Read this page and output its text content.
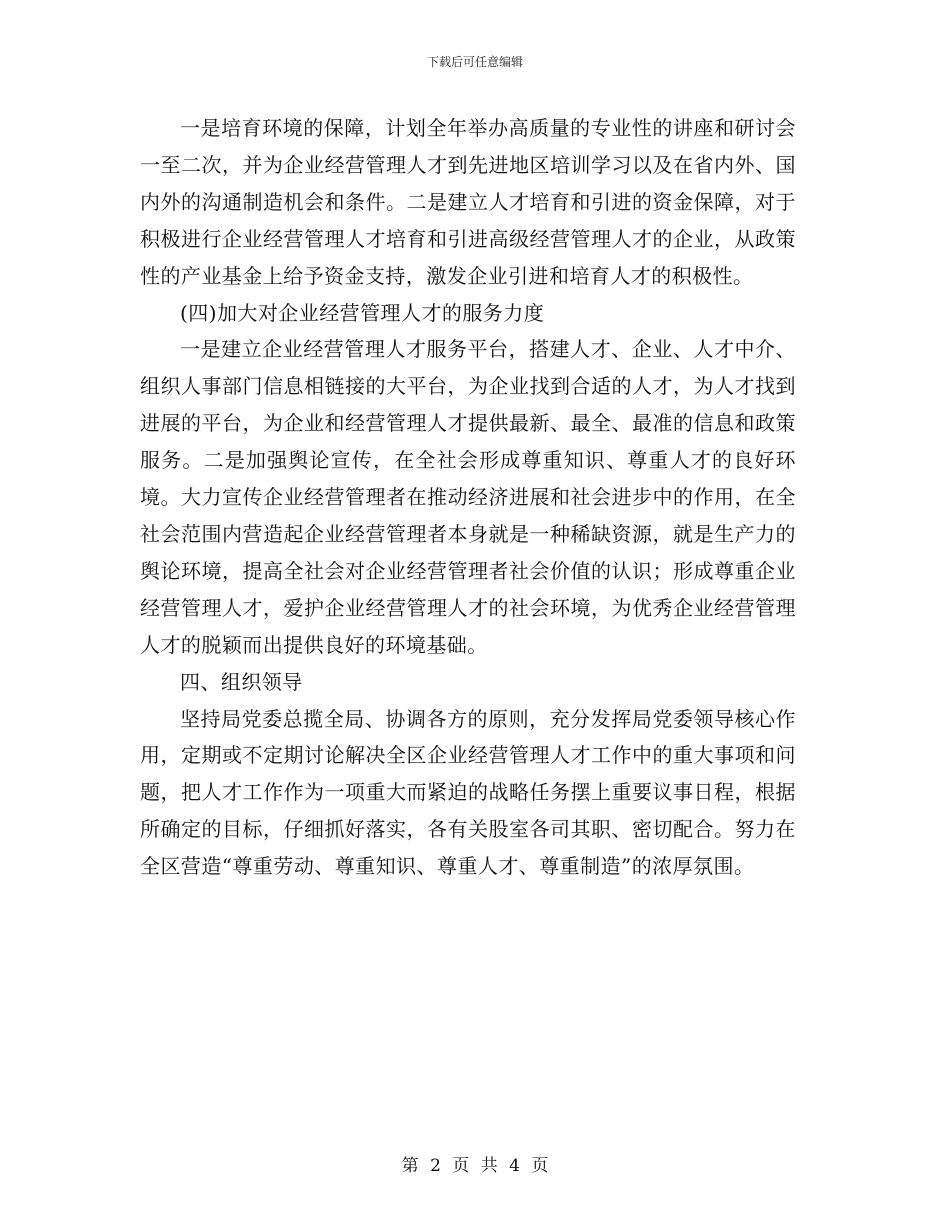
下载后可任意编辑

一是培育环境的保障，计划全年举办高质量的专业性的讲座和研讨会一至二次，并为企业经营管理人才到先进地区培训学习以及在省内外、国内外的沟通制造机会和条件。二是建立人才培育和引进的资金保障，对于积极进行企业经营管理人才培育和引进高级经营管理人才的企业，从政策性的产业基金上给予资金支持，激发企业引进和培育人才的积极性。

(四)加大对企业经营管理人才的服务力度

一是建立企业经营管理人才服务平台，搭建人才、企业、人才中介、组织人事部门信息相链接的大平台，为企业找到合适的人才，为人才找到进展的平台，为企业和经营管理人才提供最新、最全、最准的信息和政策服务。二是加强舆论宣传，在全社会形成尊重知识、尊重人才的良好环境。大力宣传企业经营管理者在推动经济进展和社会进步中的作用，在全社会范围内营造起企业经营管理者本身就是一种稀缺资源，就是生产力的舆论环境，提高全社会对企业经营管理者社会价值的认识；形成尊重企业经营管理人才，爱护企业经营管理人才的社会环境，为优秀企业经营管理人才的脱颖而出提供良好的环境基础。

四、组织领导

坚持局党委总揽全局、协调各方的原则，充分发挥局党委领导核心作用，定期或不定期讨论解决全区企业经营管理人才工作中的重大事项和问题，把人才工作作为一项重大而紧迫的战略任务摆上重要议事日程，根据所确定的目标，仔细抓好落实，各有关股室各司其职、密切配合。努力在全区营造“尊重劳动、尊重知识、尊重人才、尊重制造”的浓厚氛围。

第 2 页 共 4 页
